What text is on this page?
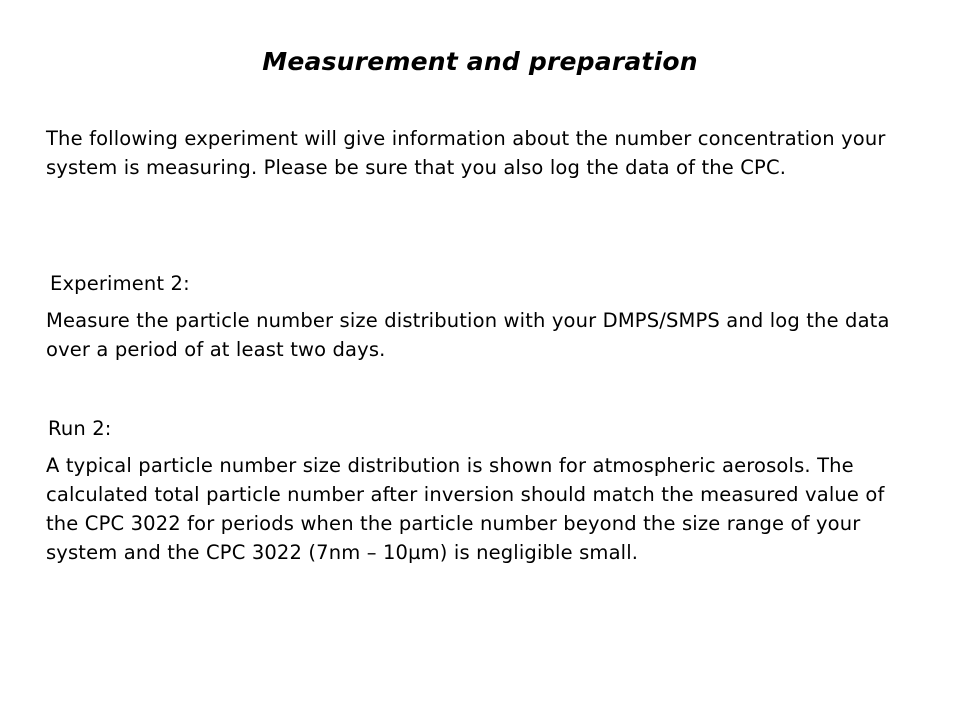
Measurement and preparation
The following experiment will give information about the number concentration your system is measuring. Please be sure that you also log the data of the CPC.
Experiment 2:
Measure the particle number size distribution with your DMPS/SMPS and log the data over a period of at least two days.
Run 2:
A typical particle number size distribution is shown for atmospheric aerosols. The calculated total particle number after inversion should match the measured value of the CPC 3022 for periods when the particle number beyond the size range of your system and the CPC 3022 (7nm – 10µm) is negligible small.
